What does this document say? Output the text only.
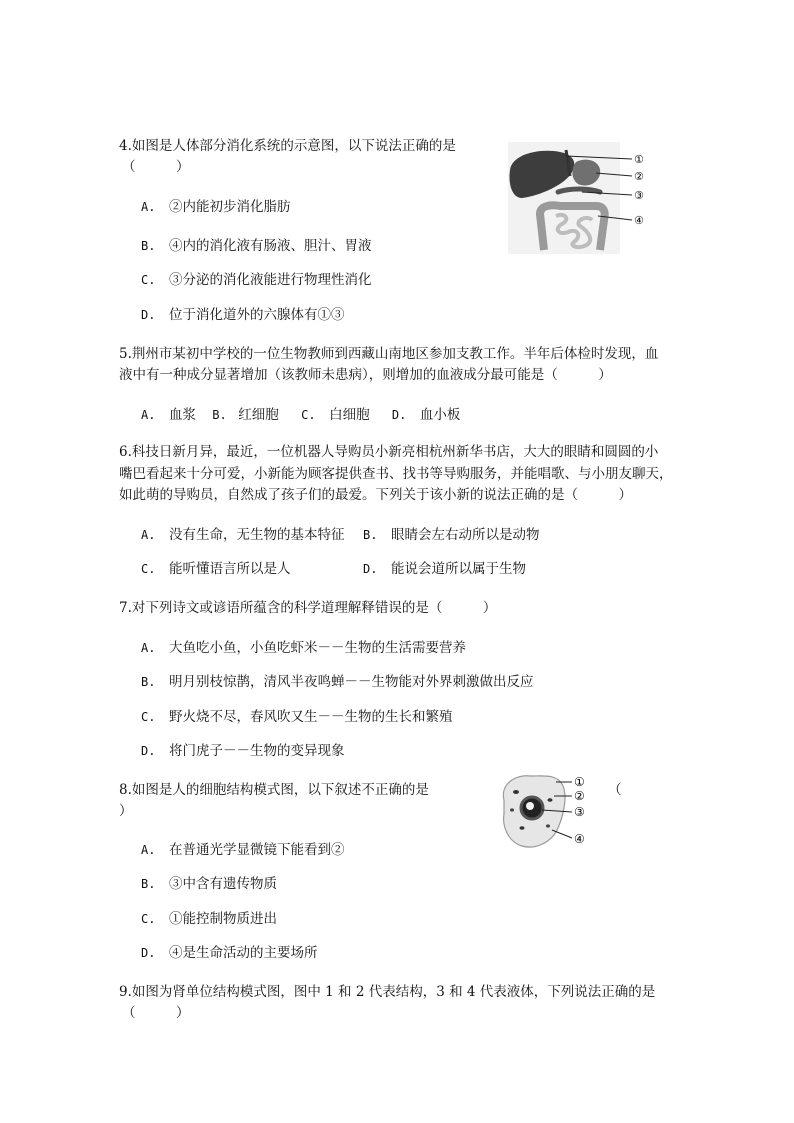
4.如图是人体部分消化系统的示意图，以下说法正确的是
（　　　）
A. ②内能初步消化脂肪
B. ④内的消化液有肠液、胆汁、胃液
C. ③分泌的消化液能进行物理性消化
D. 位于消化道外的六腺体有①③
①
②
③
④
5.荆州市某初中学校的一位生物教师到西藏山南地区参加支教工作。半年后体检时发现，血
液中有一种成分显著增加（该教师未患病），则增加的血液成分最可能是（　　　）
A. 血浆 B. 红细胞 C. 白细胞 D. 血小板
6.科技日新月异，最近，一位机器人导购员小新亮相杭州新华书店，大大的眼睛和圆圆的小
嘴巴看起来十分可爱，小新能为顾客提供查书、找书等导购服务，并能唱歌、与小朋友聊天，
如此萌的导购员，自然成了孩子们的最爱。下列关于该小新的说法正确的是（　　　）
A. 没有生命，无生物的基本特征 B. 眼睛会左右动所以是动物
C. 能听懂语言所以是人	D. 能说会道所以属于生物
7.对下列诗文或谚语所蕴含的科学道理解释错误的是（　　　）
A. 大鱼吃小鱼，小鱼吃虾米－－生物的生活需要营养
B. 明月别枝惊鹊，清风半夜鸣蝉－－生物能对外界刺激做出反应
C. 野火烧不尽，春风吹又生－－生物的生长和繁殖
D. 将门虎子－－生物的变异现象
8.如图是人的细胞结构模式图，以下叙述不正确的是	（
）
A. 在普通光学显微镜下能看到②
B. ③中含有遗传物质
C. ①能控制物质进出
D. ④是生命活动的主要场所
①
②
③
④
9.如图为肾单位结构模式图，图中 1 和 2 代表结构，3 和 4 代表液体，下列说法正确的是
（　　　）
